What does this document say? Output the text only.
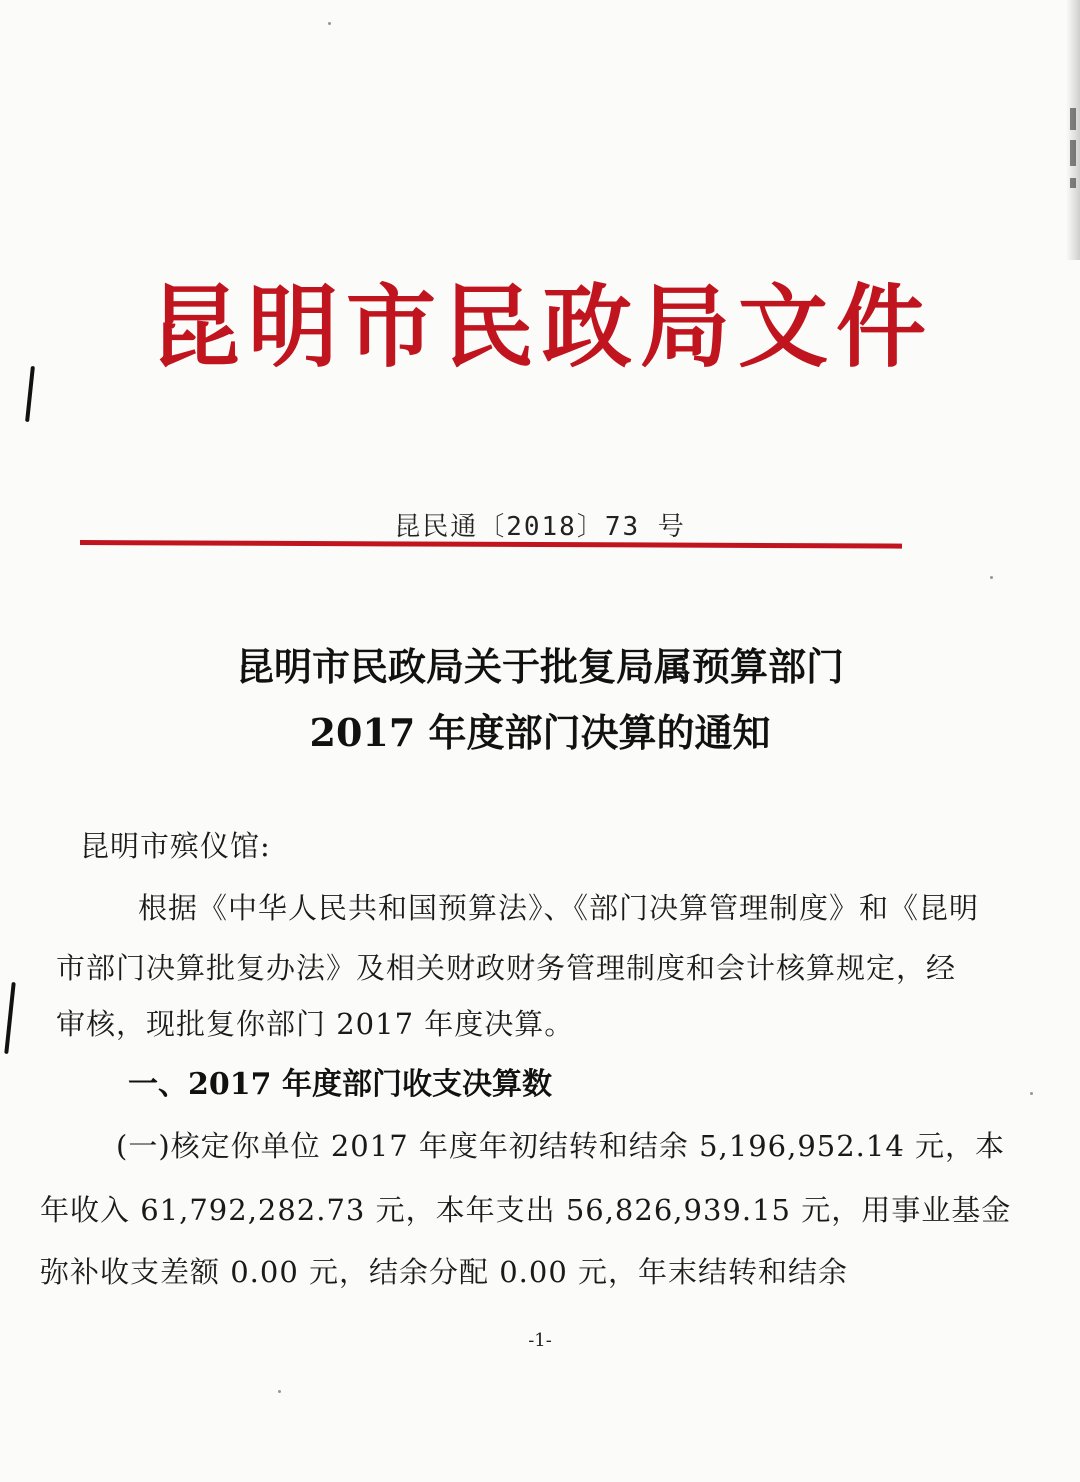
昆明市民政局文件
昆民通〔2018〕73 号
昆明市民政局关于批复局属预算部门
2017 年度部门决算的通知
昆明市殡仪馆:
根据《中华人民共和国预算法》、《部门决算管理制度》和《昆明
市部门决算批复办法》及相关财政财务管理制度和会计核算规定，经
审核，现批复你部门 2017 年度决算。
一、2017 年度部门收支决算数
(一)核定你单位 2017 年度年初结转和结余 5,196,952.14 元，本
年收入 61,792,282.73 元，本年支出 56,826,939.15 元，用事业基金
弥补收支差额 0.00 元，结余分配 0.00 元，年末结转和结余
-1-
